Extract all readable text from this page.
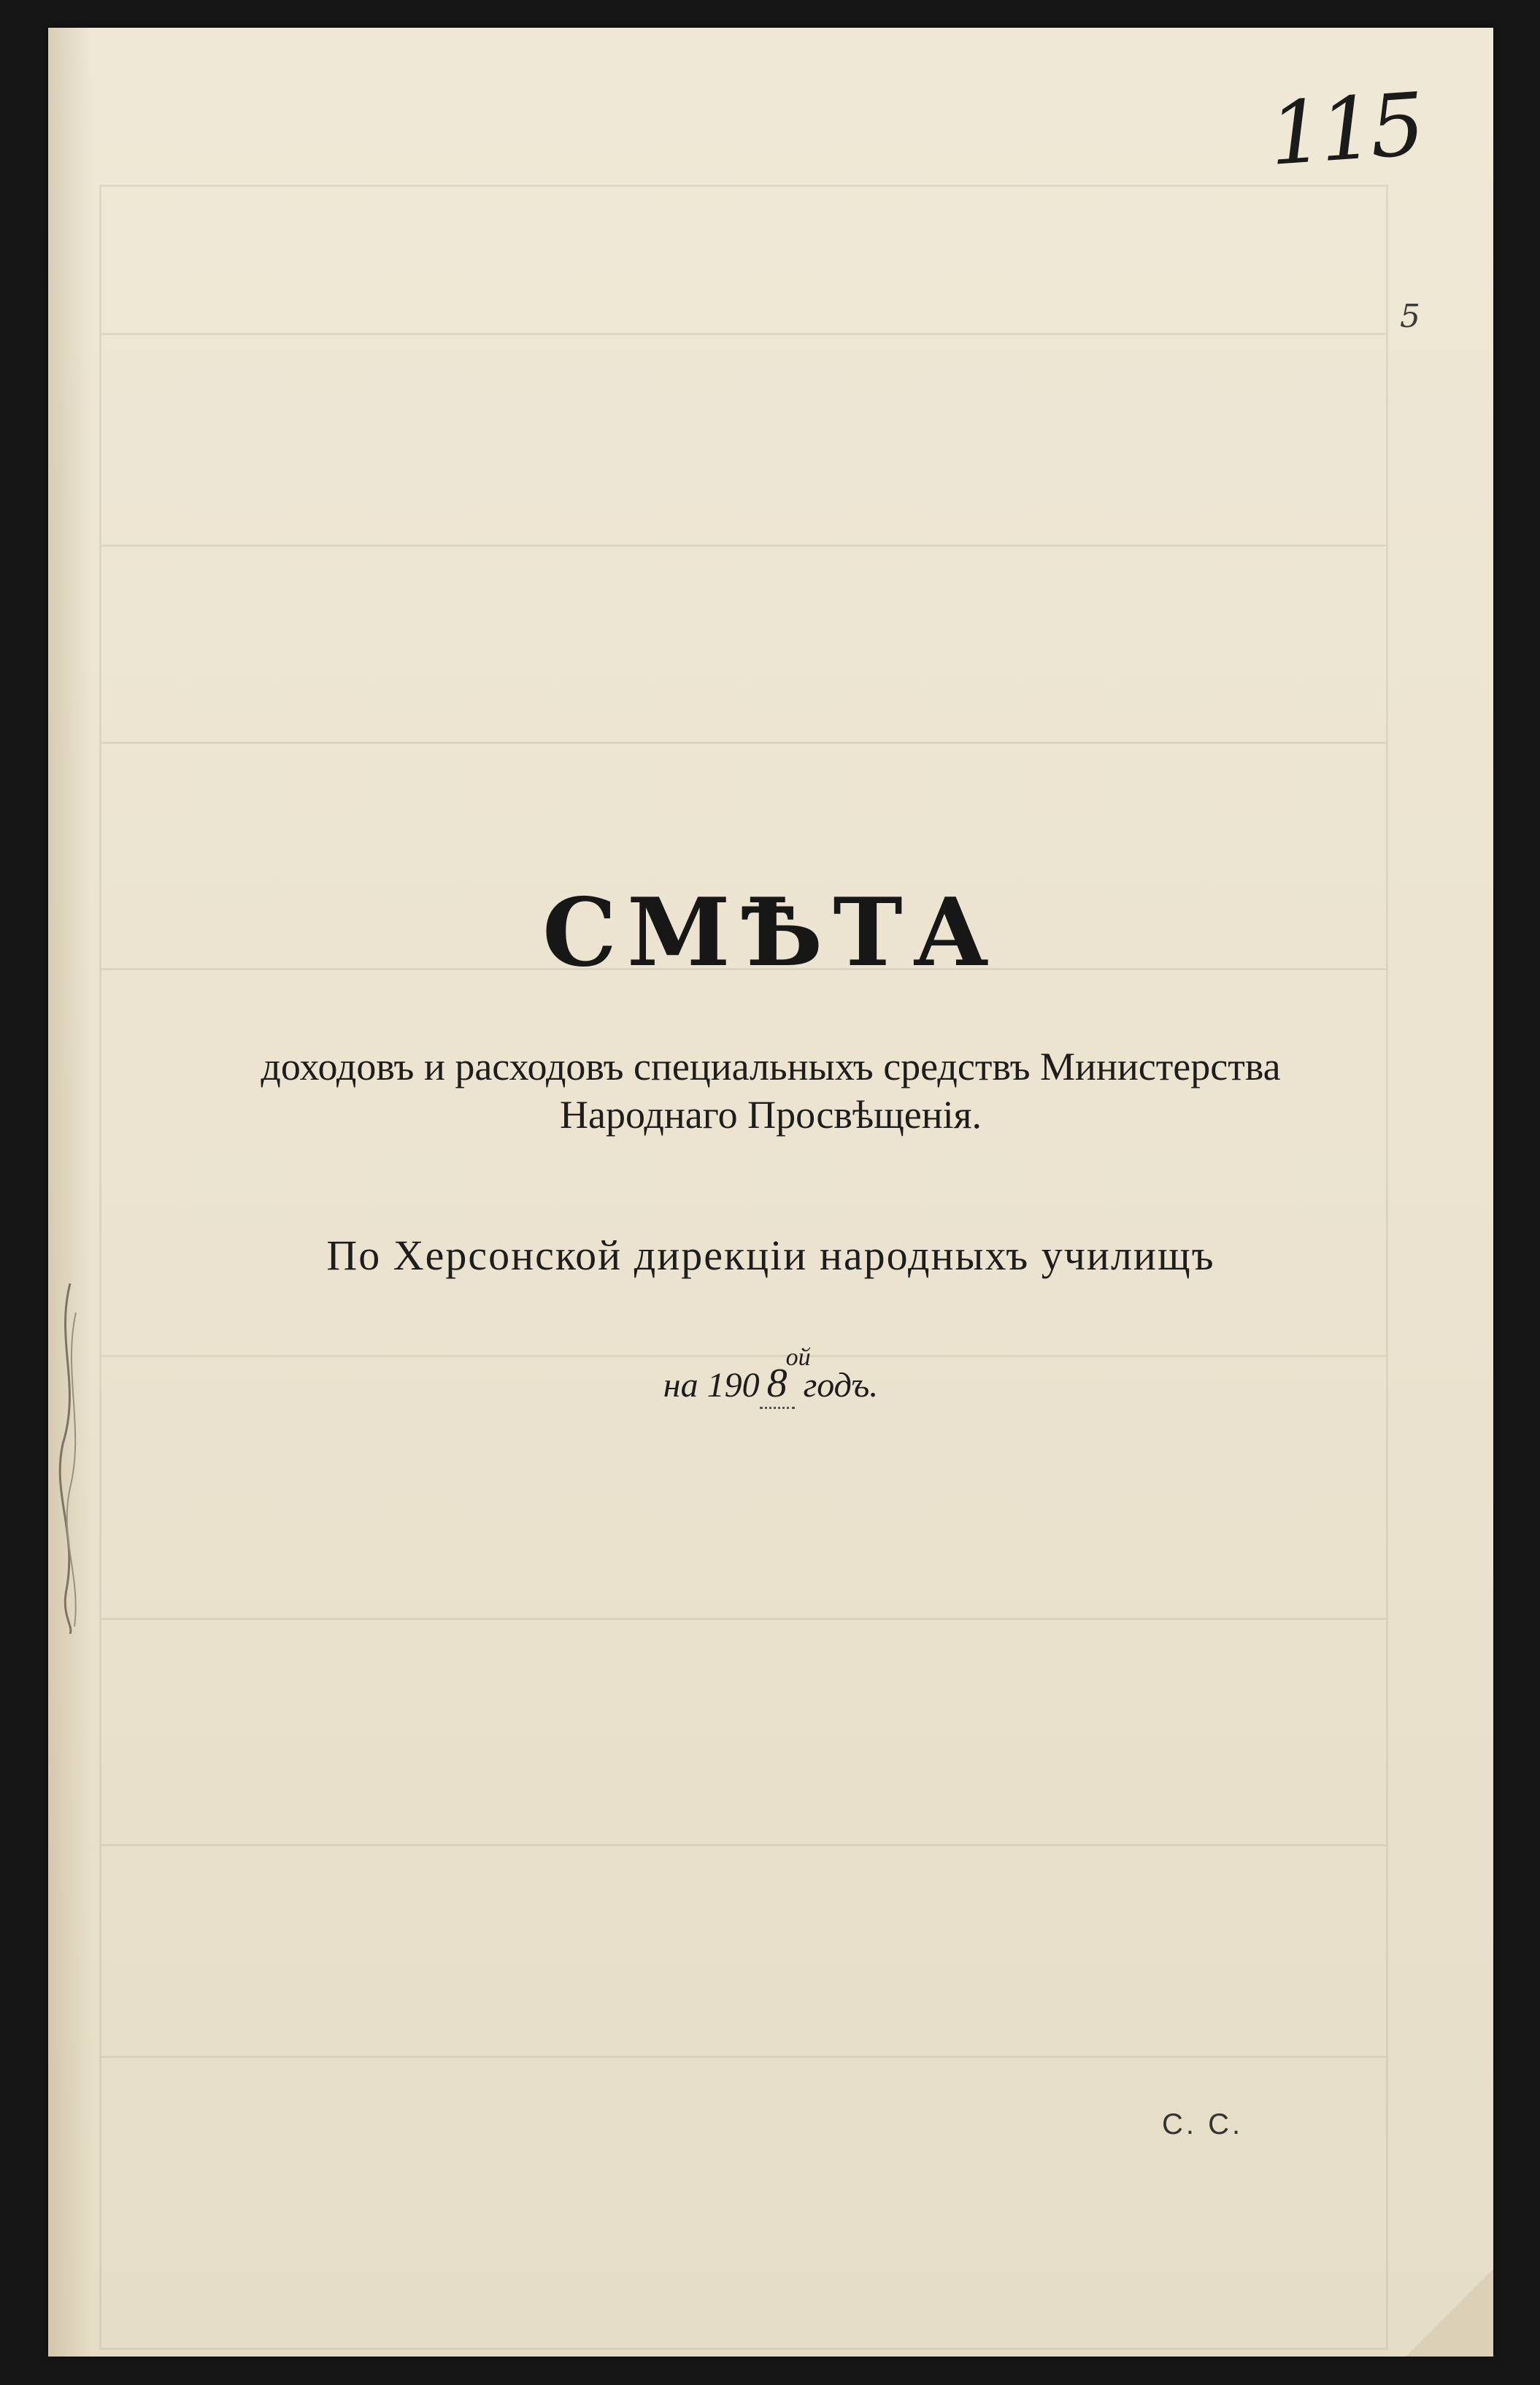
115
5
СМѢТА
доходовъ и расходовъ специальныхъ средствъ Министерства Народнаго Просвѣщенія.
По Херсонской дирекціи народныхъ училищъ
на 190 8
ой
годъ.
С. С.
